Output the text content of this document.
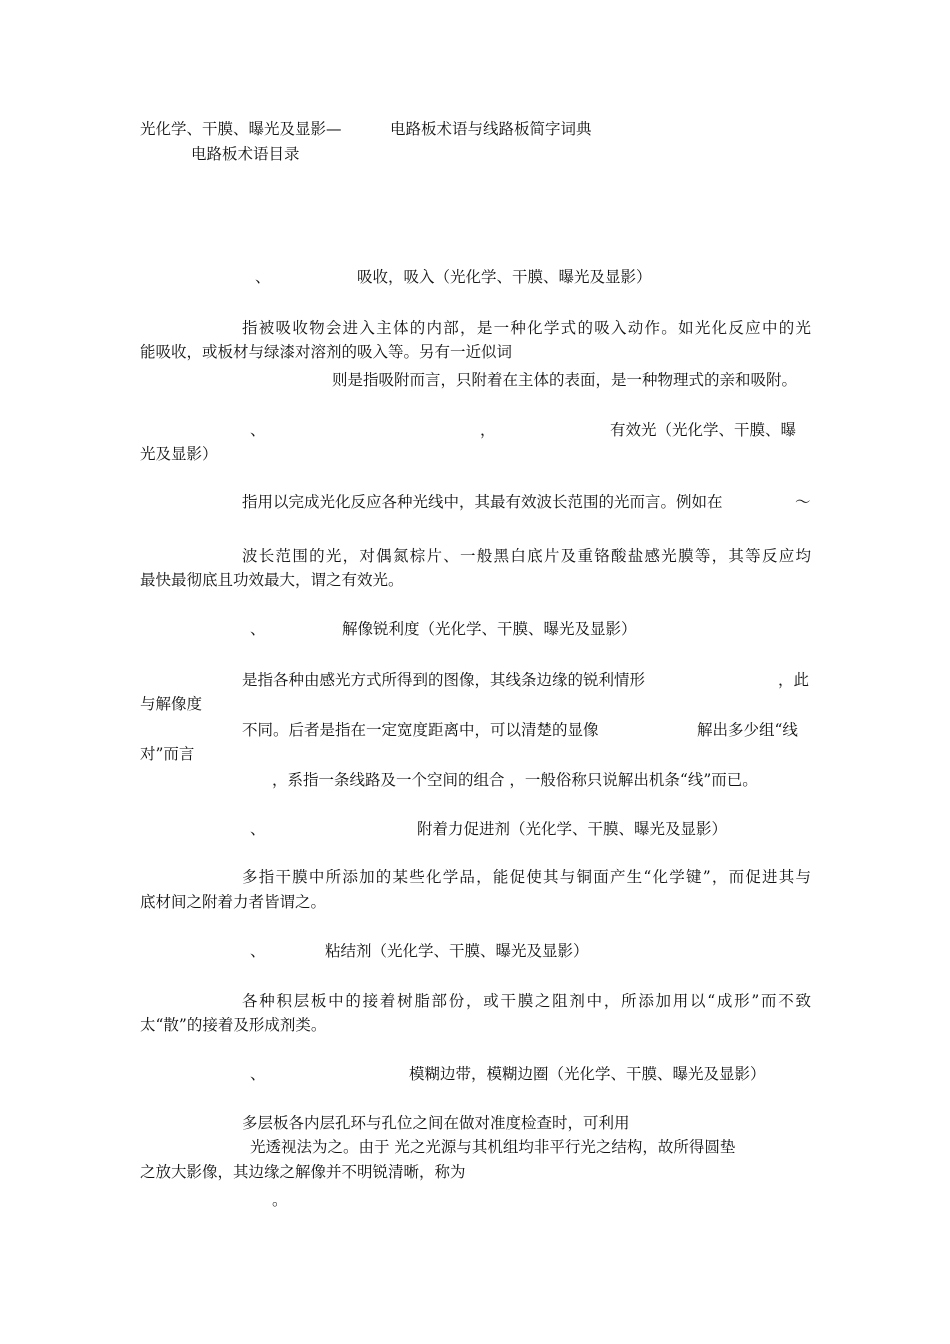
光化学、干膜、曝光及显影—	电路板术语与线路板简字词典
电路板术语目录
、	吸收，吸入（光化学、干膜、曝光及显影）
指被吸收物会进入主体的内部，是一种化学式的吸入动作。如光化反应中的光
能吸收，或板材与绿漆对溶剂的吸入等。另有一近似词
则是指吸附而言，只附着在主体的表面，是一种物理式的亲和吸附。
、	，	有效光（光化学、干膜、曝
光及显影）
指用以完成光化反应各种光线中，其最有效波长范围的光而言。例如在	～
波长范围的光，对偶氮棕片、一般黑白底片及重铬酸盐感光膜等，其等反应均
最快最彻底且功效最大，谓之有效光。
、	解像锐利度（光化学、干膜、曝光及显影）
是指各种由感光方式所得到的图像，其线条边缘的锐利情形	，此
与解像度
不同。后者是指在一定宽度距离中，可以清楚的显像	解出多少组“线
对”而言
，系指一条线路及一个空间的组合 ，一般俗称只说解出机条“线”而已。
、	附着力促进剂（光化学、干膜、曝光及显影）
多指干膜中所添加的某些化学品，能促使其与铜面产生“化学键”，而促进其与
底材间之附着力者皆谓之。
、	粘结剂（光化学、干膜、曝光及显影）
各种积层板中的接着树脂部份，或干膜之阻剂中，所添加用以“成形”而不致
太“散”的接着及形成剂类。
、	模糊边带，模糊边圈（光化学、干膜、曝光及显影）
多层板各内层孔环与孔位之间在做对准度检查时，可利用
光透视法为之。由于 光之光源与其机组均非平行光之结构，故所得圆垫
之放大影像，其边缘之解像并不明锐清晰，称为
。
